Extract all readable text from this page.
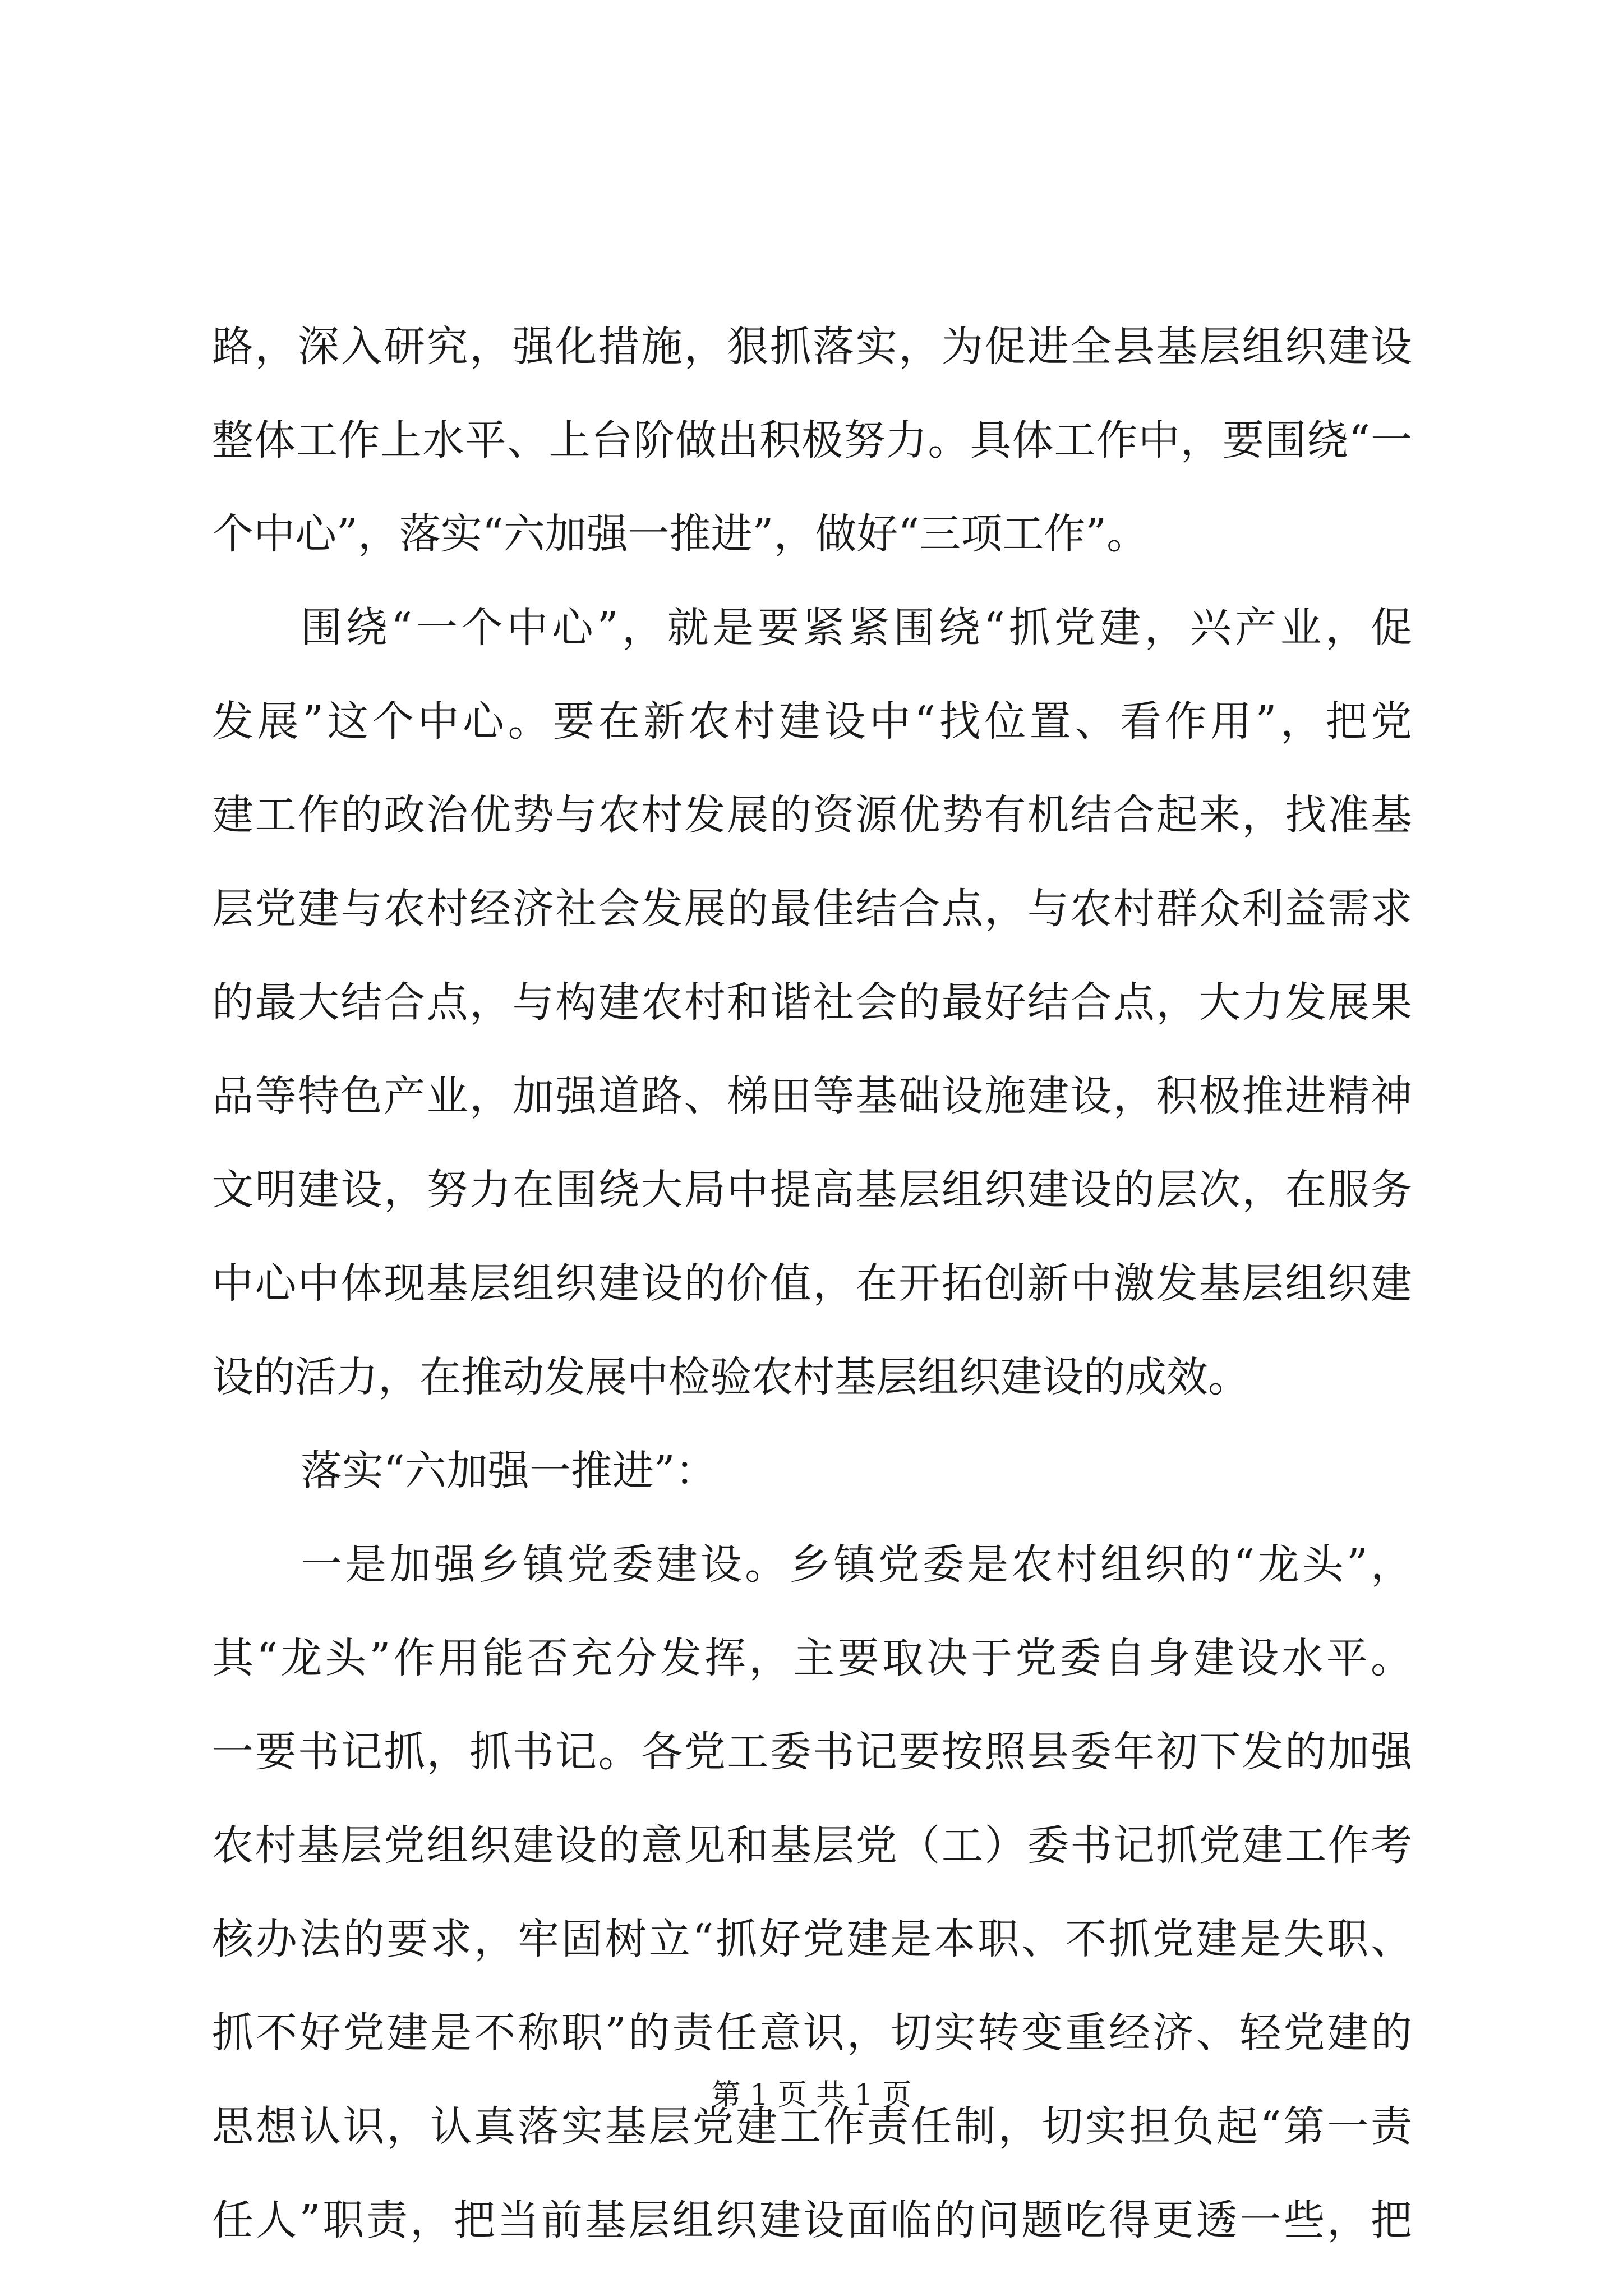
路，深入研究，强化措施，狠抓落实，为促进全县基层组织建设
整体工作上水平、上台阶做出积极努力。具体工作中，要围绕“一
个中心”，落实“六加强一推进”，做好“三项工作”。
围绕“一个中心”，就是要紧紧围绕“抓党建，兴产业，促
发展”这个中心。要在新农村建设中“找位置、看作用”，把党
建工作的政治优势与农村发展的资源优势有机结合起来，找准基
层党建与农村经济社会发展的最佳结合点，与农村群众利益需求
的最大结合点，与构建农村和谐社会的最好结合点，大力发展果
品等特色产业，加强道路、梯田等基础设施建设，积极推进精神
文明建设，努力在围绕大局中提高基层组织建设的层次，在服务
中心中体现基层组织建设的价值，在开拓创新中激发基层组织建
设的活力，在推动发展中检验农村基层组织建设的成效。
落实“六加强一推进”：
一是加强乡镇党委建设。乡镇党委是农村组织的“龙头”，
其“龙头”作用能否充分发挥，主要取决于党委自身建设水平。
一要书记抓，抓书记。各党工委书记要按照县委年初下发的加强
农村基层党组织建设的意见和基层党（工）委书记抓党建工作考
核办法的要求，牢固树立“抓好党建是本职、不抓党建是失职、
抓不好党建是不称职”的责任意识，切实转变重经济、轻党建的
思想认识，认真落实基层党建工作责任制，切实担负起“第一责
任人”职责，把当前基层组织建设面临的问题吃得更透一些，把
第 1 页 共 1 页
